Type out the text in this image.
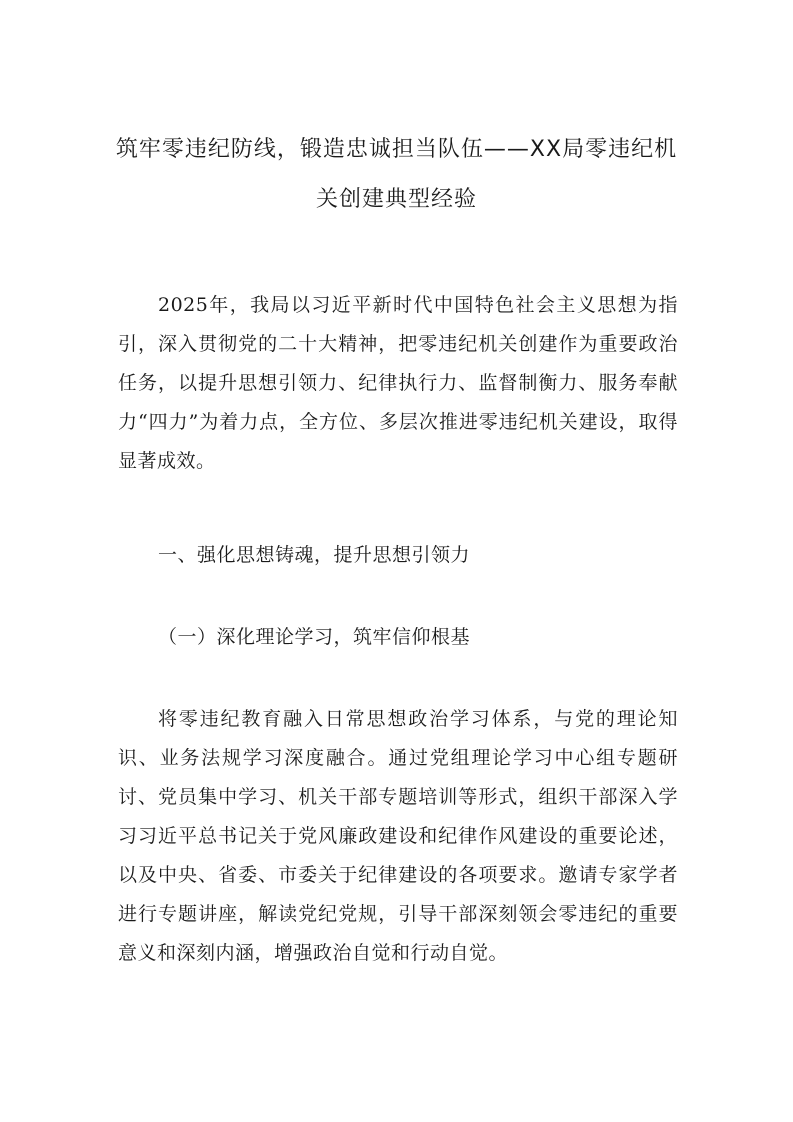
筑牢零违纪防线，锻造忠诚担当队伍——XX局零违纪机关创建典型经验

2025年，我局以习近平新时代中国特色社会主义思想为指引，深入贯彻党的二十大精神，把零违纪机关创建作为重要政治任务，以提升思想引领力、纪律执行力、监督制衡力、服务奉献力“四力”为着力点，全方位、多层次推进零违纪机关建设，取得显著成效。

一、强化思想铸魂，提升思想引领力

（一）深化理论学习，筑牢信仰根基

将零违纪教育融入日常思想政治学习体系，与党的理论知识、业务法规学习深度融合。通过党组理论学习中心组专题研讨、党员集中学习、机关干部专题培训等形式，组织干部深入学习习近平总书记关于党风廉政建设和纪律作风建设的重要论述，以及中央、省委、市委关于纪律建设的各项要求。邀请专家学者进行专题讲座，解读党纪党规，引导干部深刻领会零违纪的重要意义和深刻内涵，增强政治自觉和行动自觉。
